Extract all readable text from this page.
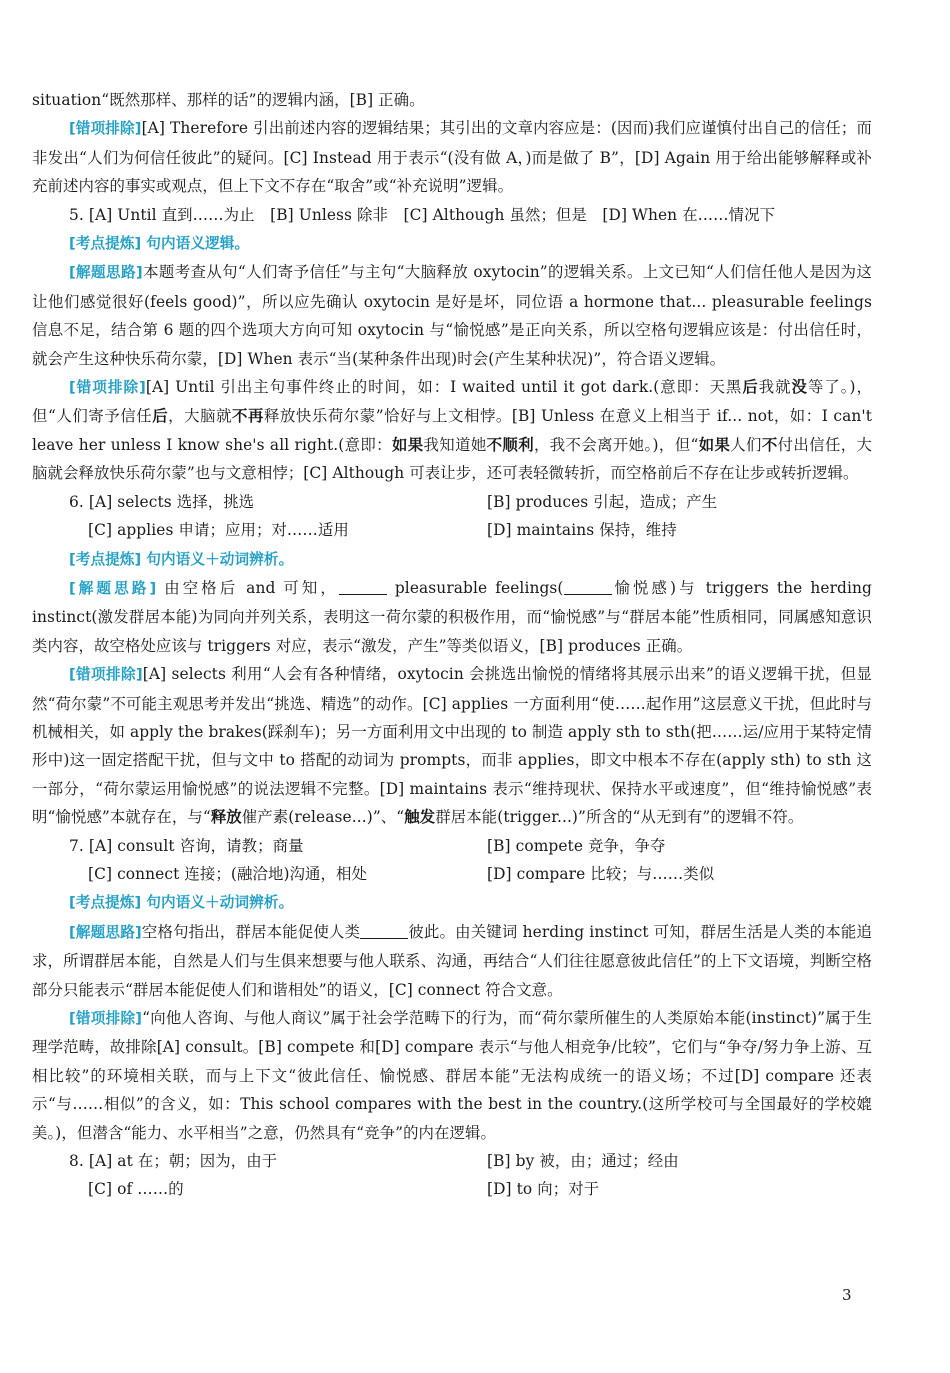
situation“既然那样、那样的话”的逻辑内涵，[B] 正确。

[错项排除][A] Therefore 引出前述内容的逻辑结果；其引出的文章内容应是：(因而)我们应谨慎付出自己的信任；而非发出“人们为何信任彼此”的疑问。[C] Instead 用于表示“(没有做 A，)而是做了 B”，[D] Again 用于给出能够解释或补充前述内容的事实或观点，但上下文不存在“取舍”或“补充说明”逻辑。

5. [A] Until 直到……为止　[B] Unless 除非　[C] Although 虽然；但是　[D] When 在……情况下

[考点提炼] 句内语义逻辑。

[解题思路]本题考查从句“人们寄予信任”与主句“大脑释放 oxytocin”的逻辑关系。上文已知“人们信任他人是因为这让他们感觉很好(feels good)”，所以应先确认 oxytocin 是好是坏，同位语 a hormone that... pleasurable feelings 信息不足，结合第 6 题的四个选项大方向可知 oxytocin 与“愉悦感”是正向关系，所以空格句逻辑应该是：付出信任时，就会产生这种快乐荷尔蒙，[D] When 表示“当(某种条件出现)时会(产生某种状况)”，符合语义逻辑。

[错项排除][A] Until 引出主句事件终止的时间，如：I waited until it got dark.(意即：天黑后我就没等了。)，但“人们寄予信任后，大脑就不再释放快乐荷尔蒙”恰好与上文相悖。[B] Unless 在意义上相当于 if... not，如：I can't leave her unless I know she's all right.(意即：如果我知道她不顺利，我不会离开她。)，但“如果人们不付出信任，大脑就会释放快乐荷尔蒙”也与文意相悖；[C] Although 可表让步，还可表轻微转折，而空格前后不存在让步或转折逻辑。

6. [A] selects 选择，挑选	[B] produces 引起，造成；产生
[C] applies 申请；应用；对……适用	[D] maintains 保持，维持

[考点提炼] 句内语义＋动词辨析。

[解题思路] 由空格后 and 可知，	pleasurable feelings(	愉悦感)与 triggers the herding instinct(激发群居本能)为同向并列关系，表明这一荷尔蒙的积极作用，而“愉悦感”与“群居本能”性质相同，同属感知意识类内容，故空格处应该与 triggers 对应，表示“激发，产生”等类似语义，[B] produces 正确。

[错项排除][A] selects 利用“人会有各种情绪，oxytocin 会挑选出愉悦的情绪将其展示出来”的语义逻辑干扰，但显然“荷尔蒙”不可能主观思考并发出“挑选、精选”的动作。[C] applies 一方面利用“使……起作用”这层意义干扰，但此时与机械相关，如 apply the brakes(踩刹车)；另一方面利用文中出现的 to 制造 apply sth to sth(把……运/应用于某特定情形中)这一固定搭配干扰，但与文中 to 搭配的动词为 prompts，而非 applies，即文中根本不存在(apply sth) to sth 这一部分，“荷尔蒙运用愉悦感”的说法逻辑不完整。[D] maintains 表示“维持现状、保持水平或速度”，但“维持愉悦感”表明“愉悦感”本就存在，与“释放催产素(release...)”、“触发群居本能(trigger...)”所含的“从无到有”的逻辑不符。

7. [A] consult 咨询，请教；商量	[B] compete 竞争，争夺
[C] connect 连接；(融洽地)沟通，相处	[D] compare 比较；与……类似

[考点提炼] 句内语义＋动词辨析。

[解题思路]空格句指出，群居本能促使人类	彼此。由关键词 herding instinct 可知，群居生活是人类的本能追求，所谓群居本能，自然是人们与生俱来想要与他人联系、沟通，再结合“人们往往愿意彼此信任”的上下文语境，判断空格部分只能表示“群居本能促使人们和谐相处”的语义，[C] connect 符合文意。

[错项排除]“向他人咨询、与他人商议”属于社会学范畴下的行为，而“荷尔蒙所催生的人类原始本能(instinct)”属于生理学范畴，故排除[A] consult。[B] compete 和[D] compare 表示“与他人相竞争/比较”，它们与“争夺/努力争上游、互相比较”的环境相关联，而与上下文“彼此信任、愉悦感、群居本能”无法构成统一的语义场；不过[D] compare 还表示“与……相似”的含义，如：This school compares with the best in the country.(这所学校可与全国最好的学校媲美。)，但潜含“能力、水平相当”之意，仍然具有“竞争”的内在逻辑。

8. [A] at 在；朝；因为，由于	[B] by 被，由；通过；经由
[C] of ……的	[D] to 向；对于
3
